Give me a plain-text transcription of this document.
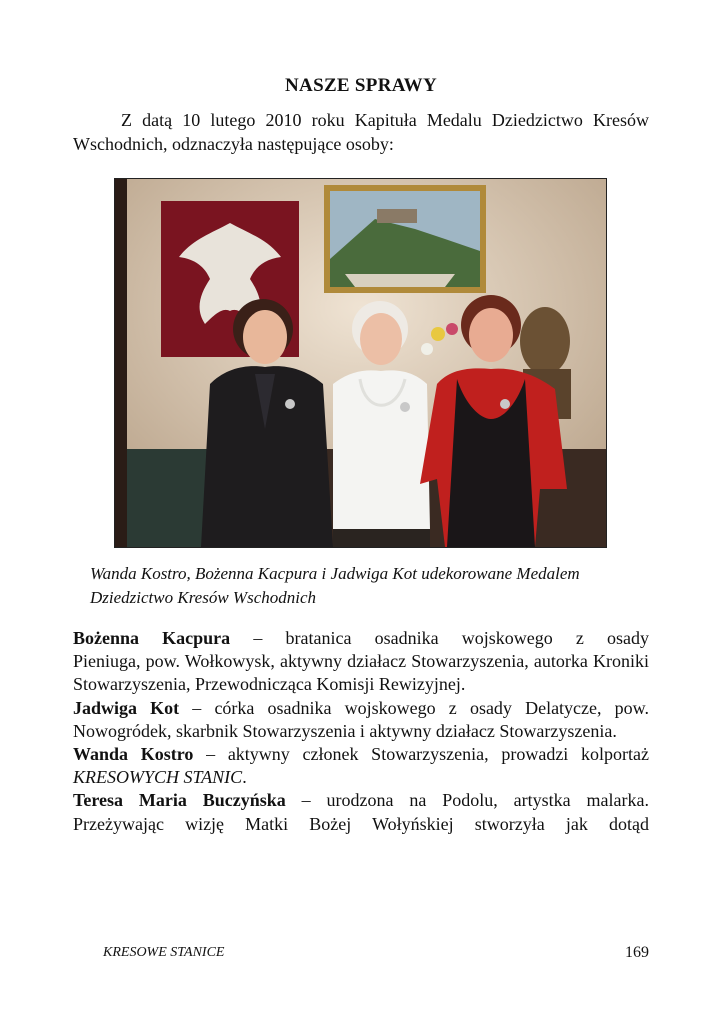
NASZE SPRAWY
Z datą 10 lutego 2010 roku Kapituła Medalu Dziedzictwo Kresów Wschodnich, odznaczyła następujące osoby:
Wanda Kostro, Bożenna Kacpura i Jadwiga Kot udekorowane Medalem
Dziedzictwo Kresów Wschodnich

Bożenna Kacpura – bratanica osadnika wojskowego z osady

Pieniuga, pow. Wołkowysk, aktywny działacz Stowarzyszenia, autorka Kroniki Stowarzyszenia, Przewodnicząca Komisji Rewizyjnej.

Jadwiga Kot – córka osadnika wojskowego z osady Delatycze, pow. Nowogródek, skarbnik Stowarzyszenia i aktywny działacz Stowarzyszenia.

Wanda Kostro – aktywny członek Stowarzyszenia, prowadzi kolportaż KRESOWYCH STANIC.

Teresa Maria Buczyńska – urodzona na Podolu, artystka malarka. Przeżywając wizję Matki Bożej Wołyńskiej stworzyła jak dotąd

KRESOWE STANICE	169
